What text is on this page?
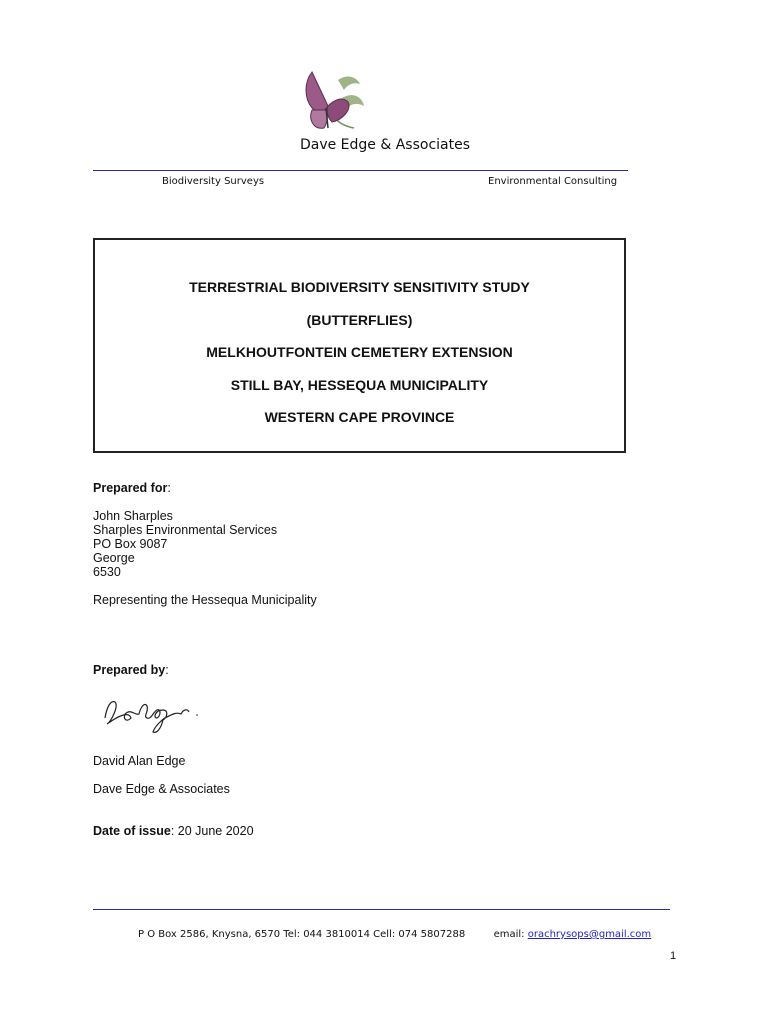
Dave Edge & Associates
Biodiversity Surveys	Environmental Consulting
TERRESTRIAL BIODIVERSITY SENSITIVITY STUDY
(BUTTERFLIES)
MELKHOUTFONTEIN CEMETERY EXTENSION
STILL BAY, HESSEQUA MUNICIPALITY
WESTERN CAPE PROVINCE
Prepared for:
John Sharples
Sharples Environmental Services
PO Box 9087
George
6530
Representing the Hessequa Municipality
Prepared by:
David Alan Edge
Dave Edge & Associates
Date of issue: 20 June 2020
P O Box 2586, Knysna, 6570 Tel: 044 3810014 Cell: 074 5807288	email: orachrysops@gmail.com
1
